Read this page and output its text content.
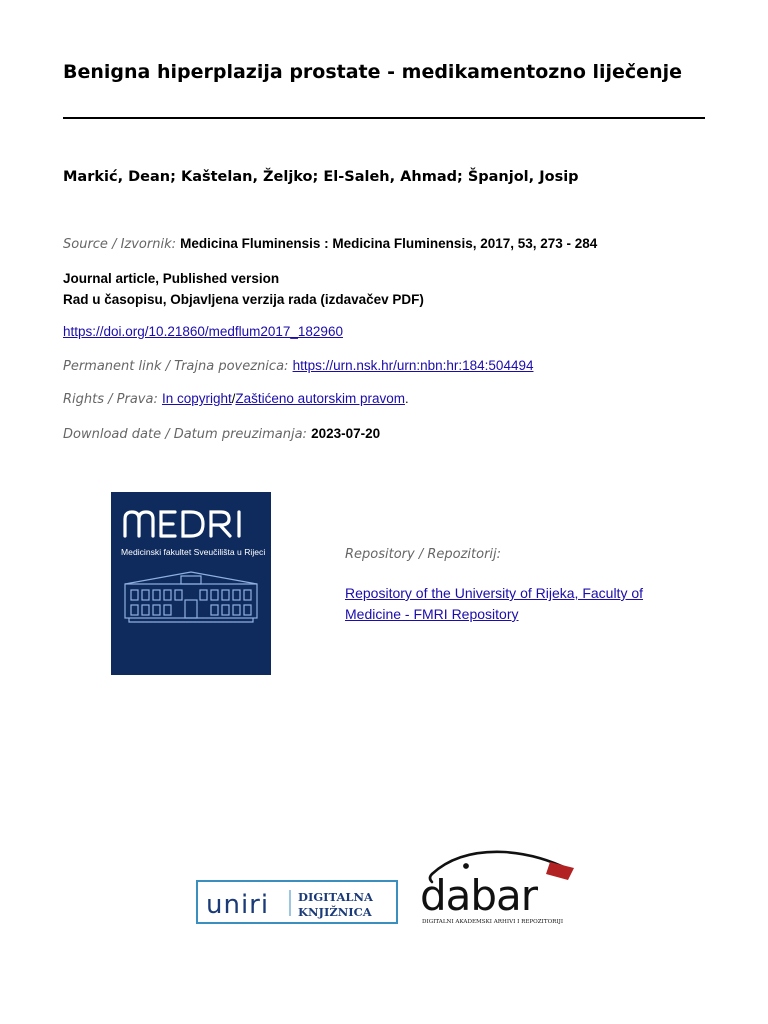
Benigna hiperplazija prostate - medikamentozno liječenje
Markić, Dean; Kaštelan, Željko; El-Saleh, Ahmad; Španjol, Josip
Source / Izvornik: Medicina Fluminensis : Medicina Fluminensis, 2017, 53, 273 - 284
Journal article, Published version
Rad u časopisu, Objavljena verzija rada (izdavačev PDF)
https://doi.org/10.21860/medflum2017_182960
Permanent link / Trajna poveznica: https://urn.nsk.hr/urn:nbn:hr:184:504494
Rights / Prava: In copyright/Zaštićeno autorskim pravom.
Download date / Datum preuzimanja: 2023-07-20
Medicinski fakultet Sveučilišta u Rijeci	Repository / Repozitorij:
Repository of the University of Rijeka, Faculty of Medicine - FMRI Repository
uniri	DIGITALNA
KNJIŽNICA dabar
DIGITALNI AKADEMSKI ARHIVI I REPOZITORIJI
